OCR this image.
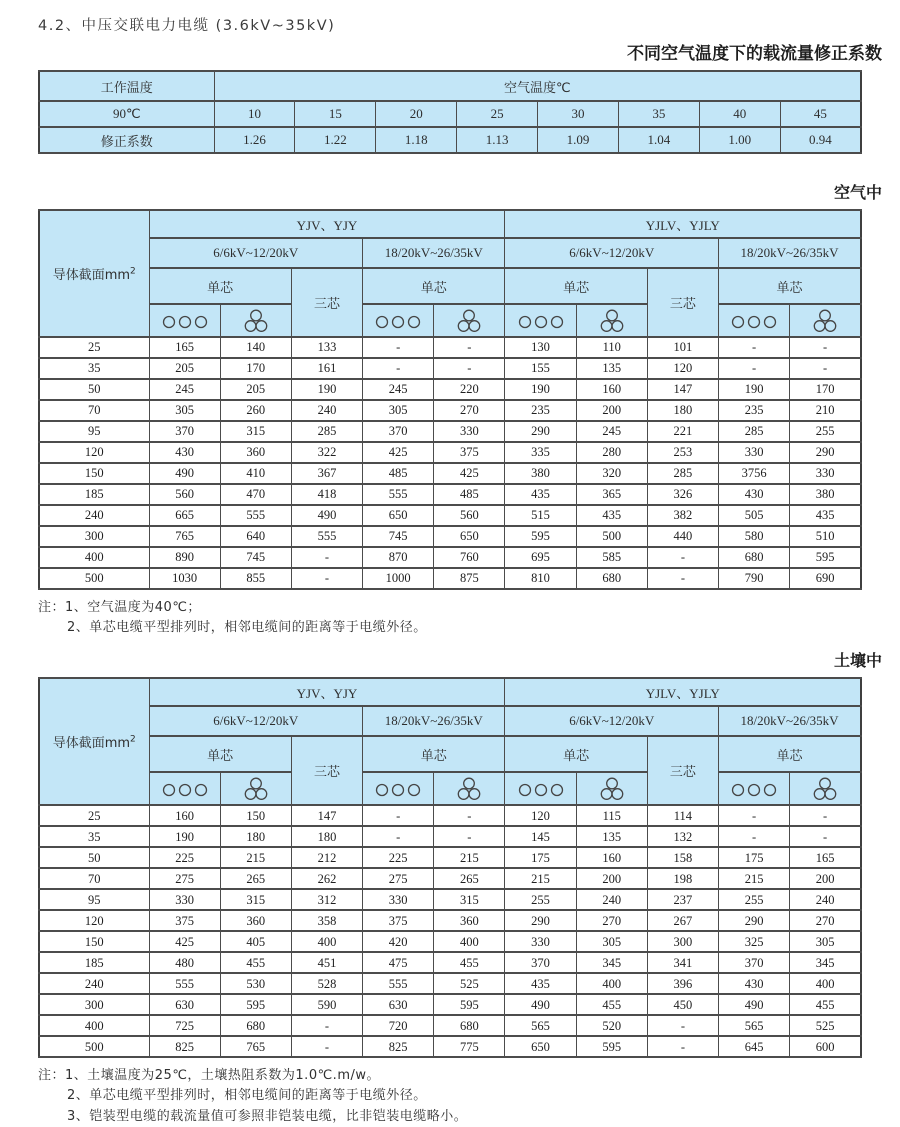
4.2、中压交联电力电缆 (3.6kV~35kV)
不同空气温度下的载流量修正系数
工作温度	空气温度℃							
90℃	10	15	20	25	30	35	40	45
修正系数	1.26	1.22	1.18	1.13	1.09	1.04	1.00	0.94
空气中
导体截面$mm^2$	YJV、YJY					YJLV、YJLY				
	6/6kV~12/20kV			18/20kV~26/35kV		6/6kV~12/20kV			18/20kV~26/35kV	
	单芯		三芯	单芯		单芯		三芯	单芯	

25	165	140	133	-	-	130	110	101	-	-
35	205	170	161	-	-	155	135	120	-	-
50	245	205	190	245	220	190	160	147	190	170
70	305	260	240	305	270	235	200	180	235	210
95	370	315	285	370	330	290	245	221	285	255
120	430	360	322	425	375	335	280	253	330	290
150	490	410	367	485	425	380	320	285	3756	330
185	560	470	418	555	485	435	365	326	430	380
240	665	555	490	650	560	515	435	382	505	435
300	765	640	555	745	650	595	500	440	580	510
400	890	745	-	870	760	695	585	-	680	595
500	1030	855	-	1000	875	810	680	-	790	690
注：1、空气温度为40℃；
2、单芯电缆平型排列时，相邻电缆间的距离等于电缆外径。
土壤中
导体截面$mm^2$	YJV、YJY					YJLV、YJLY				
	6/6kV~12/20kV			18/20kV~26/35kV		6/6kV~12/20kV			18/20kV~26/35kV	
	单芯		三芯	单芯		单芯		三芯	单芯	

25	160	150	147	-	-	120	115	114	-	-
35	190	180	180	-	-	145	135	132	-	-
50	225	215	212	225	215	175	160	158	175	165
70	275	265	262	275	265	215	200	198	215	200
95	330	315	312	330	315	255	240	237	255	240
120	375	360	358	375	360	290	270	267	290	270
150	425	405	400	420	400	330	305	300	325	305
185	480	455	451	475	455	370	345	341	370	345
240	555	530	528	555	525	435	400	396	430	400
300	630	595	590	630	595	490	455	450	490	455
400	725	680	-	720	680	565	520	-	565	525
500	825	765	-	825	775	650	595	-	645	600
注：1、土壤温度为25℃，土壤热阻系数为1.0℃.m/w。
2、单芯电缆平型排列时，相邻电缆间的距离等于电缆外径。
3、铠装型电缆的载流量值可参照非铠装电缆，比非铠装电缆略小。
